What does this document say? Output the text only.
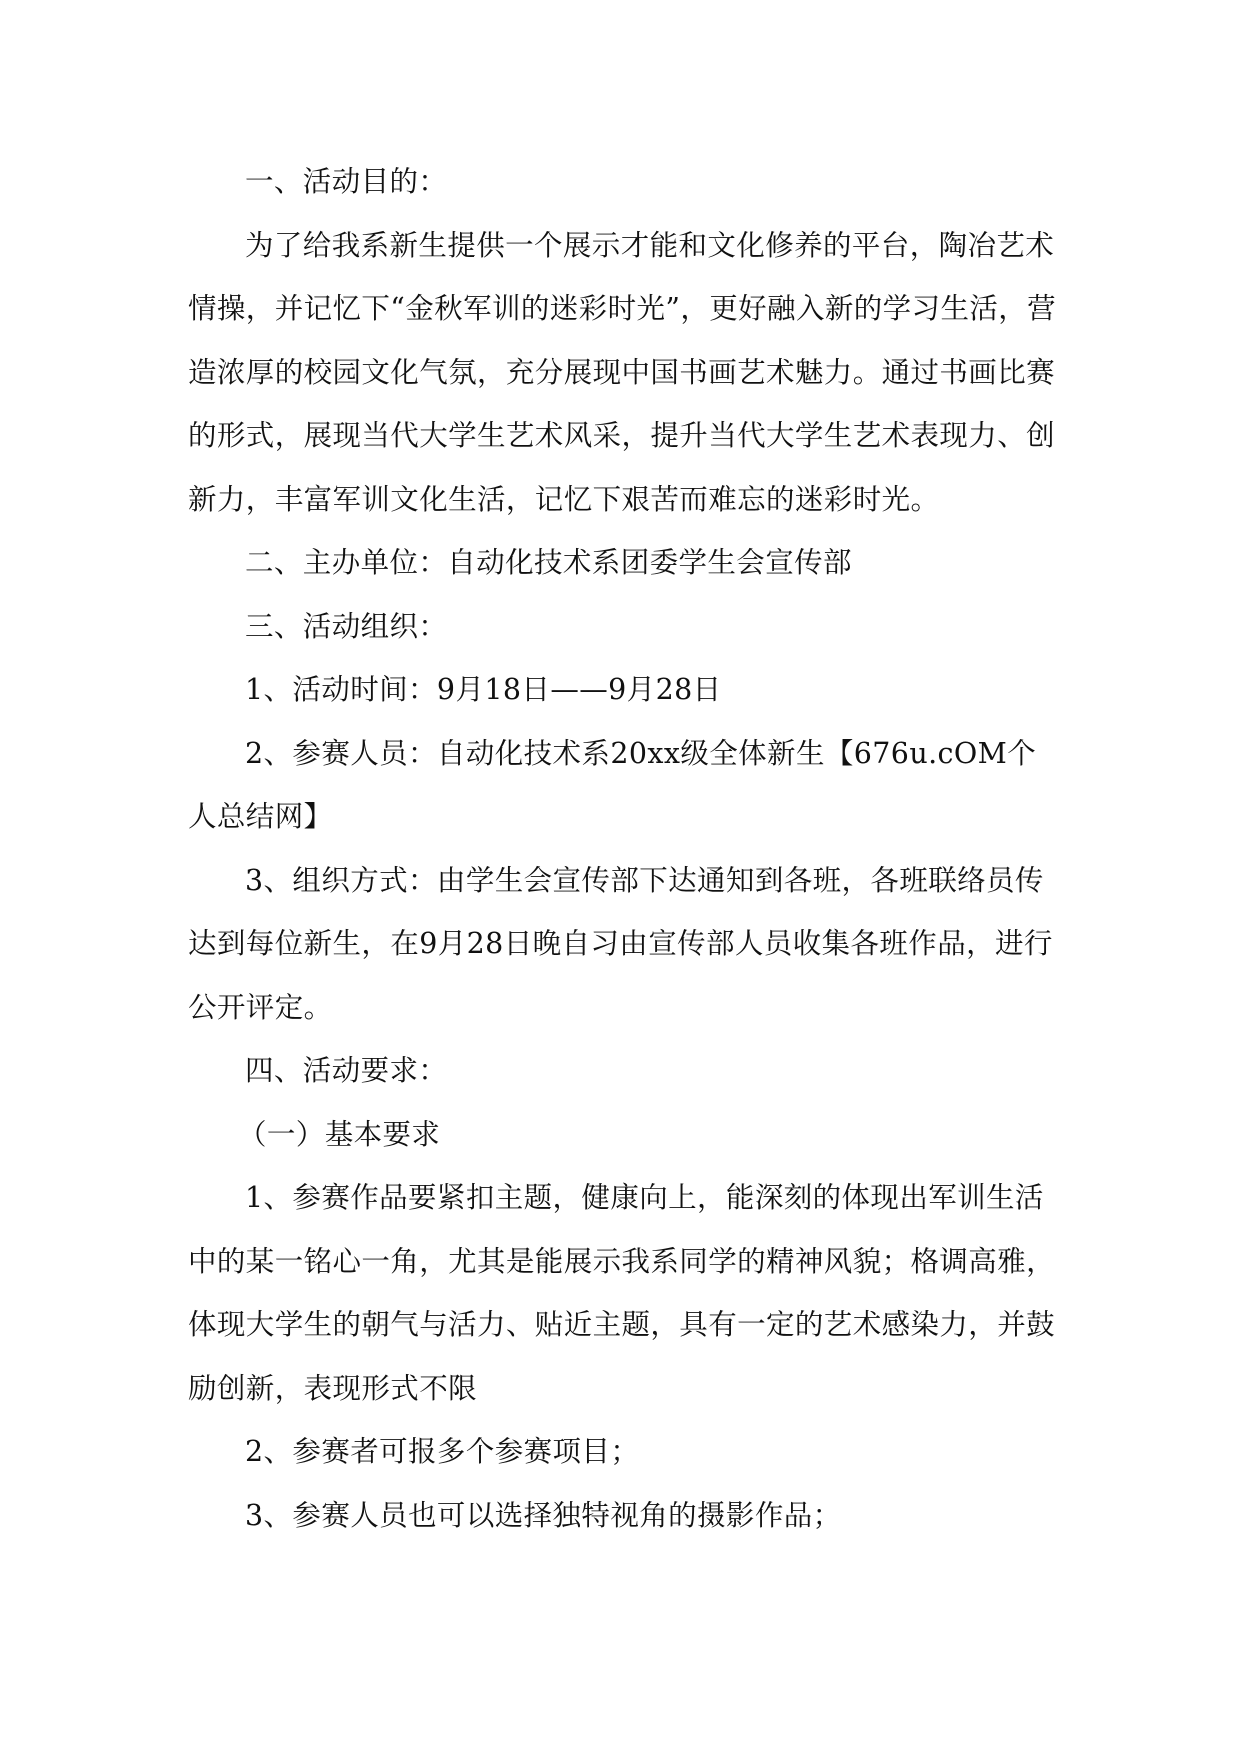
一、活动目的：

为了给我系新生提供一个展示才能和文化修养的平台，陶冶艺术情操，并记忆下“金秋军训的迷彩时光”，更好融入新的学习生活，营造浓厚的校园文化气氛，充分展现中国书画艺术魅力。通过书画比赛的形式，展现当代大学生艺术风采，提升当代大学生艺术表现力、创新力，丰富军训文化生活，记忆下艰苦而难忘的迷彩时光。

二、主办单位：自动化技术系团委学生会宣传部

三、活动组织：

1、活动时间：9月18日——9月28日

2、参赛人员：自动化技术系20xx级全体新生【676u.cOM个人总结网】

3、组织方式：由学生会宣传部下达通知到各班，各班联络员传达到每位新生，在9月28日晚自习由宣传部人员收集各班作品，进行公开评定。

四、活动要求：

（一）基本要求

1、参赛作品要紧扣主题，健康向上，能深刻的体现出军训生活中的某一铭心一角，尤其是能展示我系同学的精神风貌；格调高雅，体现大学生的朝气与活力、贴近主题，具有一定的艺术感染力，并鼓励创新，表现形式不限

2、参赛者可报多个参赛项目；

3、参赛人员也可以选择独特视角的摄影作品；
